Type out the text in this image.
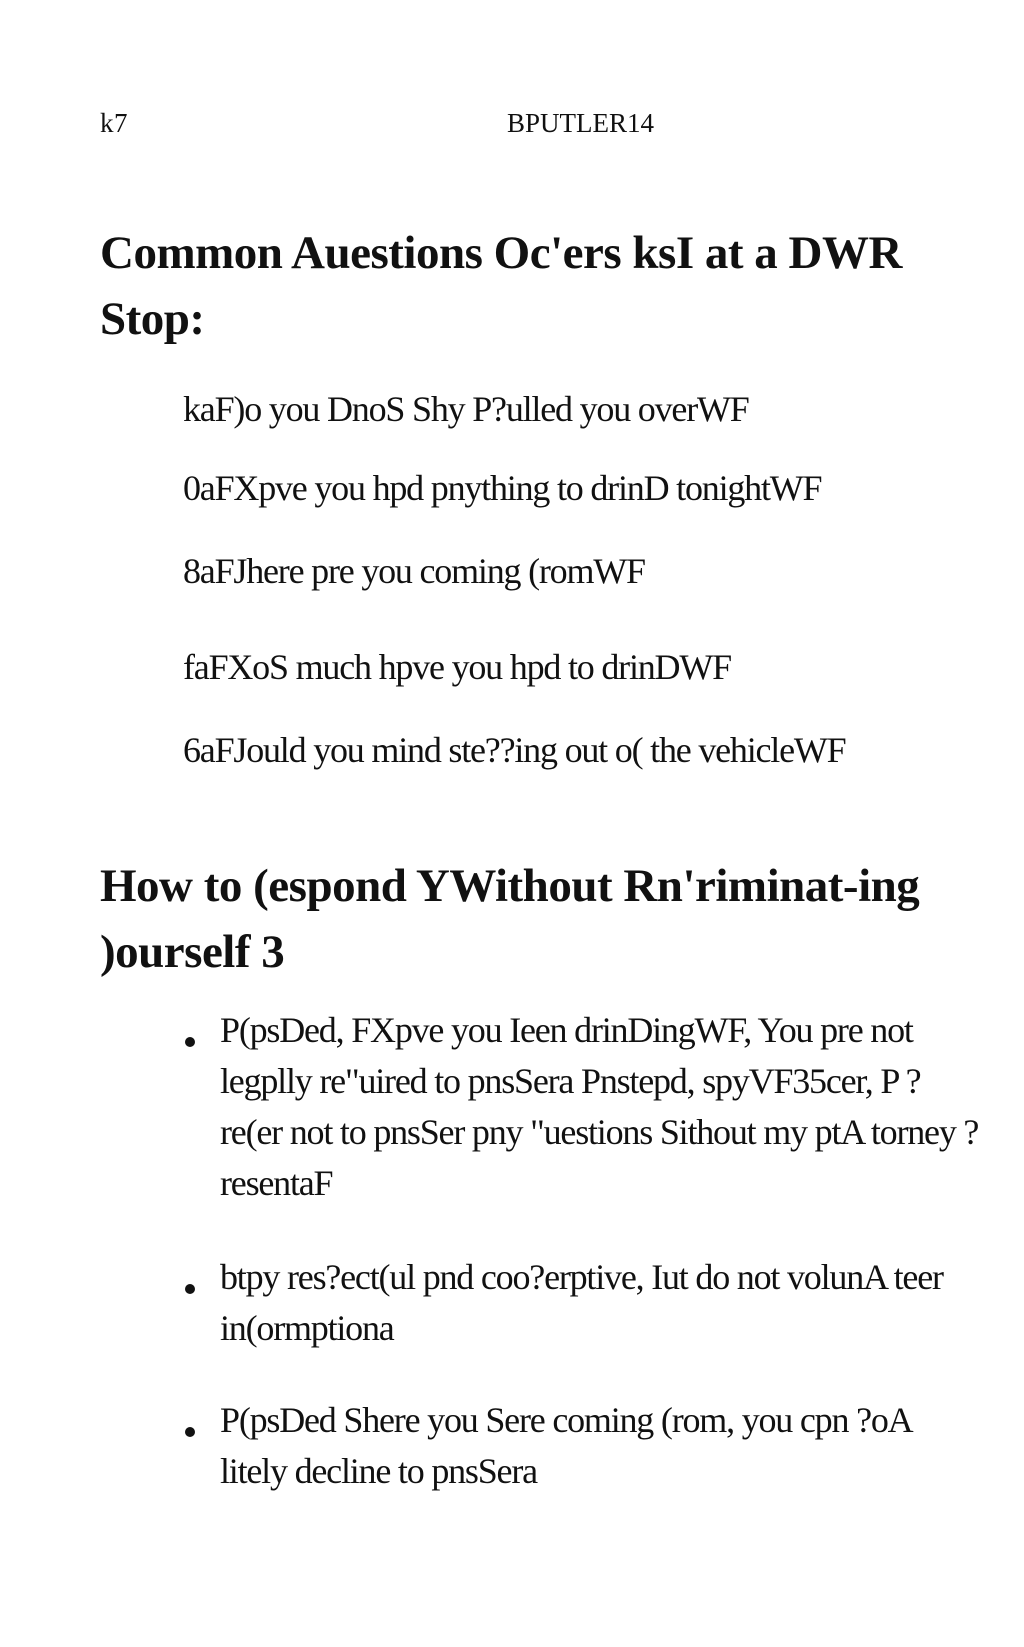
k7	BPUTLER14
Common Auestions Oc'ers ksI at a DWR Stop:
kaF)o you DnoS Shy P?ulled you overWF
0aFXpve you hpd pnything to drinD tonightWF
8aFJhere pre you coming (romWF
faFXoS much hpve you hpd to drinDWF
6aFJould you mind ste??ing out o( the vehicleWF
How to (espond YWithout Rn'riminat-ing )ourself 3
P(psDed, FXpve you Ieen drinDingWF, You pre not legplly re"uired to pnsSera Pnstepd, spyVF35cer, P ?re(er not to pnsSer pny "uestions Sithout my ptA torney ?resentaF
btpy res?ect(ul pnd coo?erptive, Iut do not volunA teer in(ormptiona
P(psDed Shere you Sere coming (rom, you cpn ?oA litely decline to pnsSera
